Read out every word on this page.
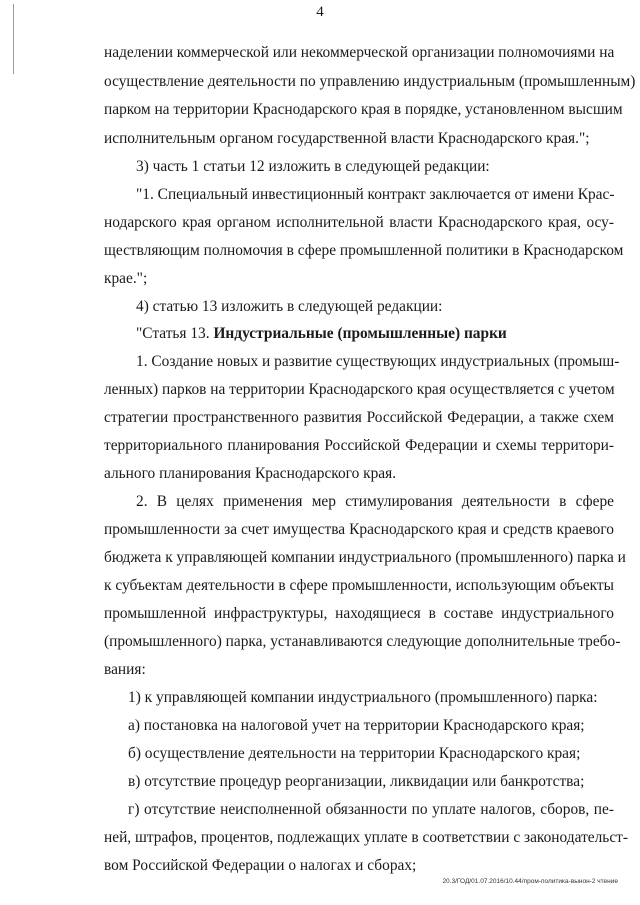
4
наделении коммерческой или некоммерческой организации полномочиями на
осуществление деятельности по управлению индустриальным (промышленным)
парком на территории Краснодарского края в порядке, установленном высшим
исполнительным органом государственной власти Краснодарского края.";
3) часть 1 статьи 12 изложить в следующей редакции:
"1. Специальный инвестиционный контракт заключается от имени Крас-
нодарского края органом исполнительной власти Краснодарского края, осу-
ществляющим полномочия в сфере промышленной политики в Краснодарском
крае.";
4) статью 13 изложить в следующей редакции:
"Статья 13. Индустриальные (промышленные) парки
1. Создание новых и развитие существующих индустриальных (промыш-
ленных) парков на территории Краснодарского края осуществляется с учетом
стратегии пространственного развития Российской Федерации, а также схем
территориального планирования Российской Федерации и схемы территори-
ального планирования Краснодарского края.
2. В целях применения мер стимулирования деятельности в сфере
промышленности за счет имущества Краснодарского края и средств краевого
бюджета к управляющей компании индустриального (промышленного) парка и
к субъектам деятельности в сфере промышленности, использующим объекты
промышленной инфраструктуры, находящиеся в составе индустриального
(промышленного) парка, устанавливаются следующие дополнительные требо-
вания:
1) к управляющей компании индустриального (промышленного) парка:
а) постановка на налоговой учет на территории Краснодарского края;
б) осуществление деятельности на территории Краснодарского края;
в) отсутствие процедур реорганизации, ликвидации или банкротства;
г) отсутствие неисполненной обязанности по уплате налогов, сборов, пе-
ней, штрафов, процентов, подлежащих уплате в соответствии с законодательст-
вом Российской Федерации о налогах и сборах;
20.3/ГОД/01.07.2016/10.44/пром-политика-вынон-2 чтение
